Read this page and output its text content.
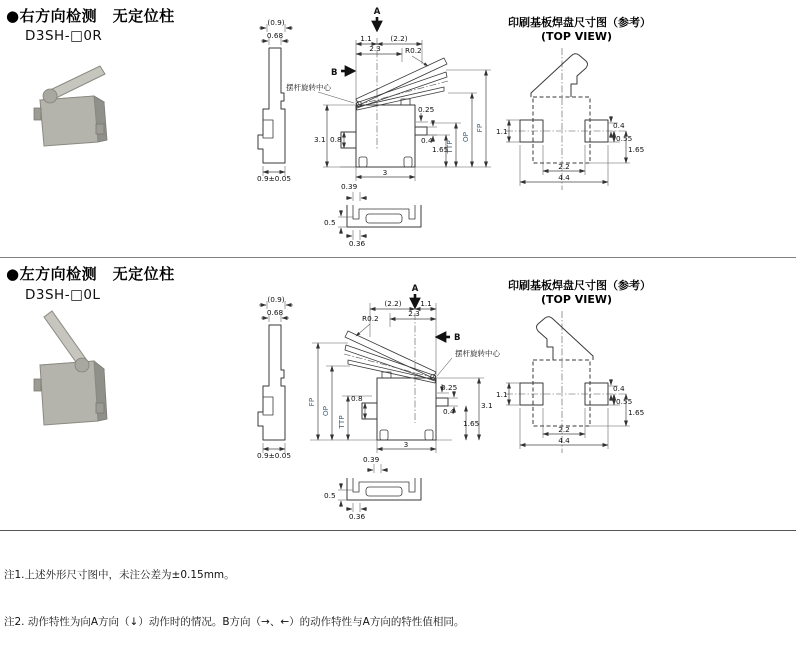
●右方向检测　无定位柱
D3SH-□0R
(0.9)
0.68
0.9±0.05
A
1.1	(2.2)
2.3	R0.2
B
摆杆旋转中心
TTP
OP
FP
3.1 0.8
0.25
0.4
1.65
3
0.39
0.5
0.36
印刷基板焊盘尺寸图（参考）
(TOP VIEW)
1.1
0.4
0.55
1.65
2.2
4.4
●左方向检测　无定位柱
D3SH-□0L	(0.9)
0.68
0.9±0.05
A
(2.2)	1.1
2.3
R0.2
B
摆杆旋转中心
TTP
OP
FP	0.8
0.25
0.4
3.1
1.65
3
0.39
0.5
0.36
印刷基板焊盘尺寸图（参考）
(TOP VIEW)
1.1
0.4
0.55
1.65
2.2
4.4

注1.上述外形尺寸图中，未注公差为±0.15mm。

注2. 动作特性为向A方向（↓）动作时的情况。B方向（→、←）的动作特性与A方向的特性值相同。
